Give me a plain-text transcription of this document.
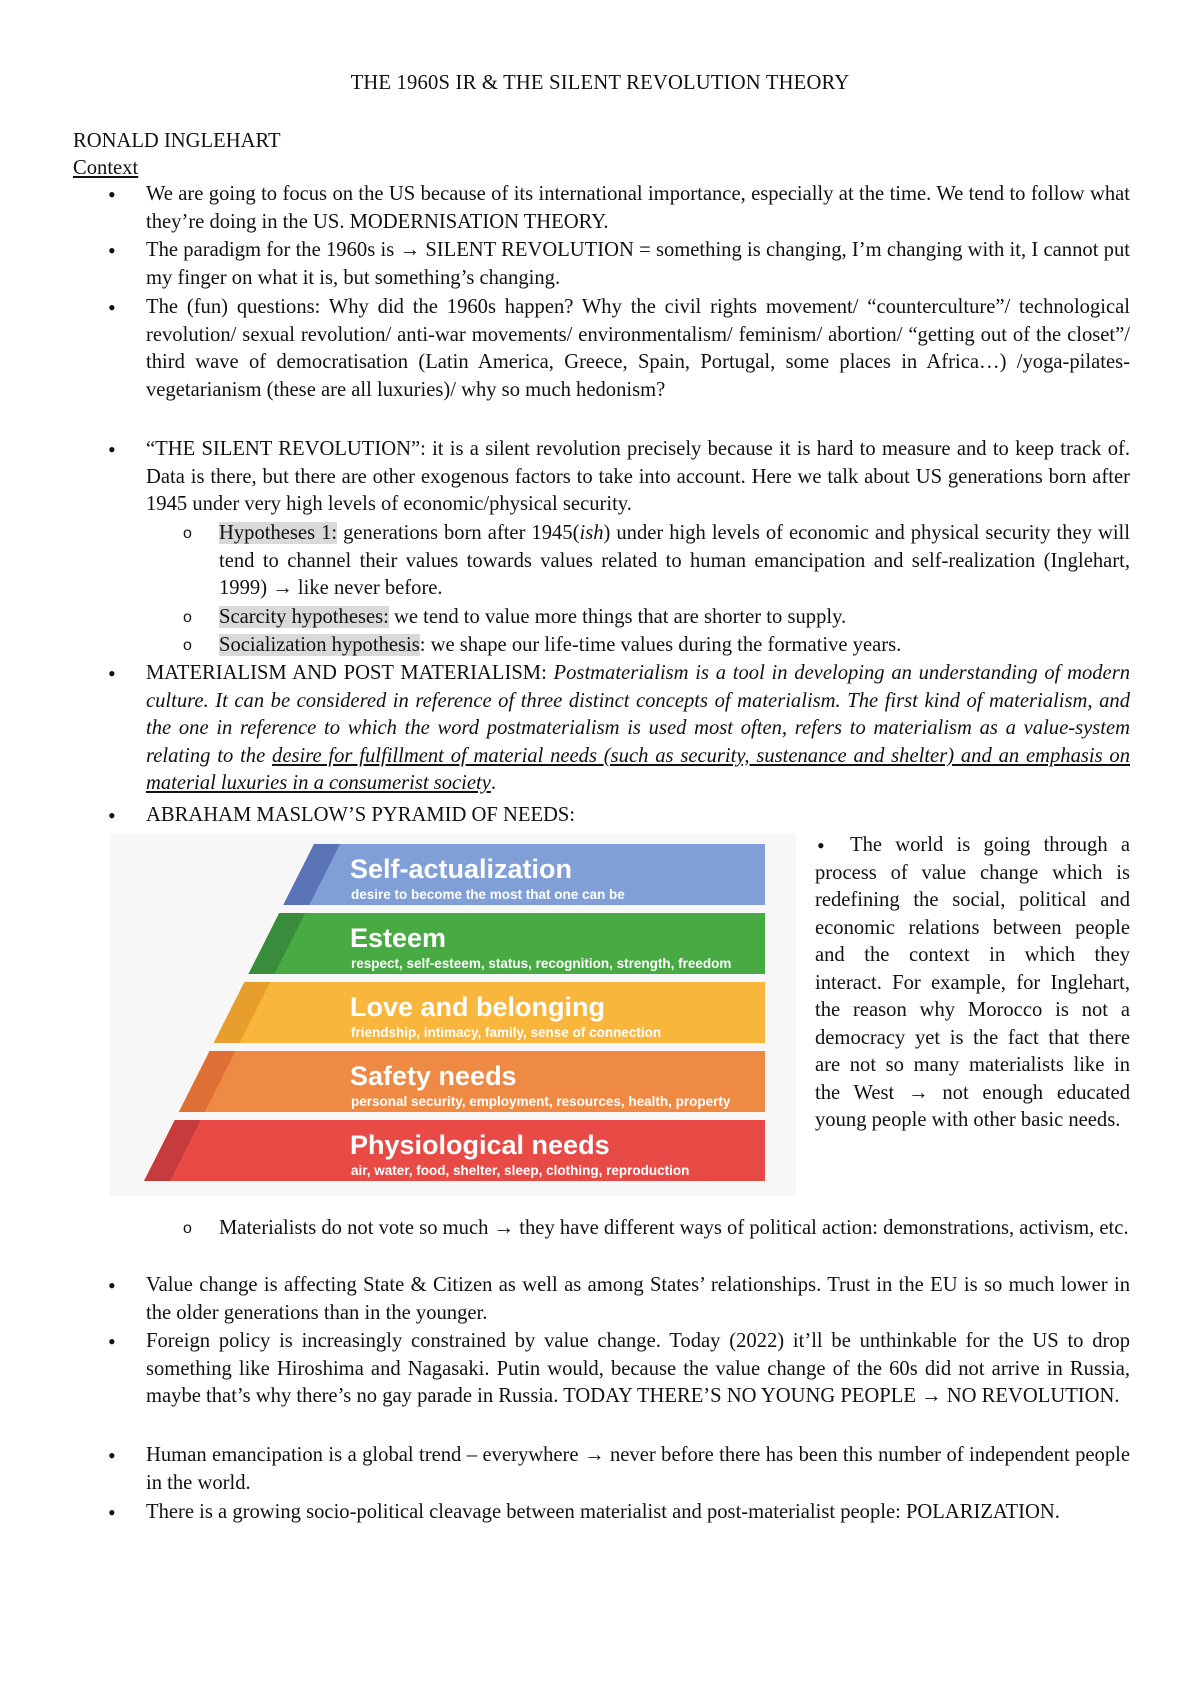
THE 1960S IR & THE SILENT REVOLUTION THEORY
RONALD INGLEHART
Context
• We are going to focus on the US because of its international importance, especially at the time. We tend to follow what they’re doing in the US. MODERNISATION THEORY.
• The paradigm for the 1960s is → SILENT REVOLUTION = something is changing, I’m changing with it, I cannot put my finger on what it is, but something’s changing.
• The (fun) questions: Why did the 1960s happen? Why the civil rights movement/ “counterculture”/ technological revolution/ sexual revolution/ anti-war movements/ environmentalism/ feminism/ abortion/ “getting out of the closet”/ third wave of democratisation (Latin America, Greece, Spain, Portugal, some places in Africa…) /yoga-pilates-vegetarianism (these are all luxuries)/ why so much hedonism?
• “THE SILENT REVOLUTION”: it is a silent revolution precisely because it is hard to measure and to keep track of. Data is there, but there are other exogenous factors to take into account. Here we talk about US generations born after 1945 under very high levels of economic/physical security.
o Hypotheses 1: generations born after 1945(ish) under high levels of economic and physical security they will tend to channel their values towards values related to human emancipation and self-realization (Inglehart, 1999) → like never before.
o Scarcity hypotheses: we tend to value more things that are shorter to supply.
o Socialization hypothesis: we shape our life-time values during the formative years.
• MATERIALISM AND POST MATERIALISM: Postmaterialism is a tool in developing an understanding of modern culture. It can be considered in reference of three distinct concepts of materialism. The first kind of materialism, and the one in reference to which the word postmaterialism is used most often, refers to materialism as a value-system relating to the desire for fulfillment of material needs (such as security, sustenance and shelter) and an emphasis on material luxuries in a consumerist society.
• ABRAHAM MASLOW’S PYRAMID OF NEEDS:
Self-actualization
desire to become the most that one can be
Esteem
respect, self-esteem, status, recognition, strength, freedom
Love and belonging
friendship, intimacy, family, sense of connection
Safety needs
personal security, employment, resources, health, property
Physiological needs
air, water, food, shelter, sleep, clothing, reproduction
• The world is going through a process of value change which is redefining the social, political and economic relations between people and the context in which they interact. For example, for Inglehart, the reason why Morocco is not a democracy yet is the fact that there are not so many materialists like in the West → not enough educated young people with other basic needs.
o Materialists do not vote so much → they have different ways of political action: demonstrations, activism, etc.
• Value change is affecting State & Citizen as well as among States’ relationships. Trust in the EU is so much lower in the older generations than in the younger.
• Foreign policy is increasingly constrained by value change. Today (2022) it’ll be unthinkable for the US to drop something like Hiroshima and Nagasaki. Putin would, because the value change of the 60s did not arrive in Russia, maybe that’s why there’s no gay parade in Russia. TODAY THERE’S NO YOUNG PEOPLE → NO REVOLUTION.
• Human emancipation is a global trend – everywhere → never before there has been this number of independent people in the world.
• There is a growing socio-political cleavage between materialist and post-materialist people: POLARIZATION.
